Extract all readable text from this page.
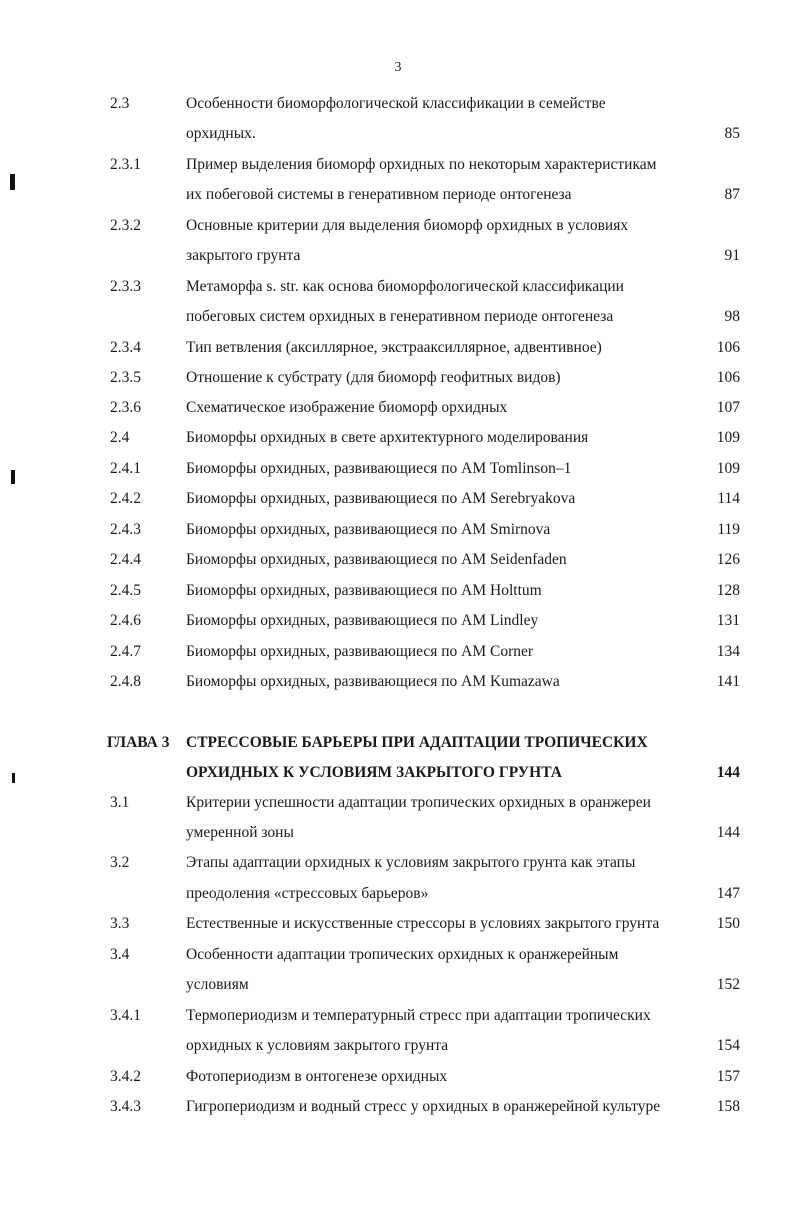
3
2.3	Особенности биоморфологической классификации в семействе
орхидных.	85
2.3.1	Пример выделения биоморф орхидных по некоторым характеристикам
их побеговой системы в генеративном периоде онтогенеза	87
2.3.2	Основные критерии для выделения биоморф орхидных в условиях
закрытого грунта	91
2.3.3	Метаморфа s. str. как основа биоморфологической классификации
побеговых систем орхидных в генеративном периоде онтогенеза	98
2.3.4	Тип ветвления (аксиллярное, экстрааксиллярное, адвентивное)	106
2.3.5	Отношение к субстрату (для биоморф геофитных видов)	106
2.3.6	Схематическое изображение биоморф орхидных	107
2.4	Биоморфы орхидных в свете архитектурного моделирования	109
2.4.1	Биоморфы орхидных, развивающиеся по AM Tomlinson–1	109
2.4.2	Биоморфы орхидных, развивающиеся по AM Serebryakova	114
2.4.3	Биоморфы орхидных, развивающиеся по AM Smirnova	119
2.4.4	Биоморфы орхидных, развивающиеся по AM Seidenfaden	126
2.4.5	Биоморфы орхидных, развивающиеся по AM Holttum	128
2.4.6	Биоморфы орхидных, развивающиеся по AM Lindley	131
2.4.7	Биоморфы орхидных, развивающиеся по AM Corner	134
2.4.8	Биоморфы орхидных, развивающиеся по AM Kumazawa	141
ГЛАВА 3 СТРЕССОВЫЕ БАРЬЕРЫ ПРИ АДАПТАЦИИ ТРОПИЧЕСКИХ
ОРХИДНЫХ К УСЛОВИЯМ ЗАКРЫТОГО ГРУНТА	144
3.1	Критерии успешности адаптации тропических орхидных в оранжереи
умеренной зоны	144
3.2	Этапы адаптации орхидных к условиям закрытого грунта как этапы
преодоления «стрессовых барьеров»	147
3.3	Естественные и искусственные стрессоры в условиях закрытого грунта	150
3.4	Особенности адаптации тропических орхидных к оранжерейным
условиям	152
3.4.1	Термопериодизм и температурный стресс при адаптации тропических
орхидных к условиям закрытого грунта	154
3.4.2	Фотопериодизм в онтогенезе орхидных	157
3.4.3	Гигропериодизм и водный стресс у орхидных в оранжерейной культуре	158
